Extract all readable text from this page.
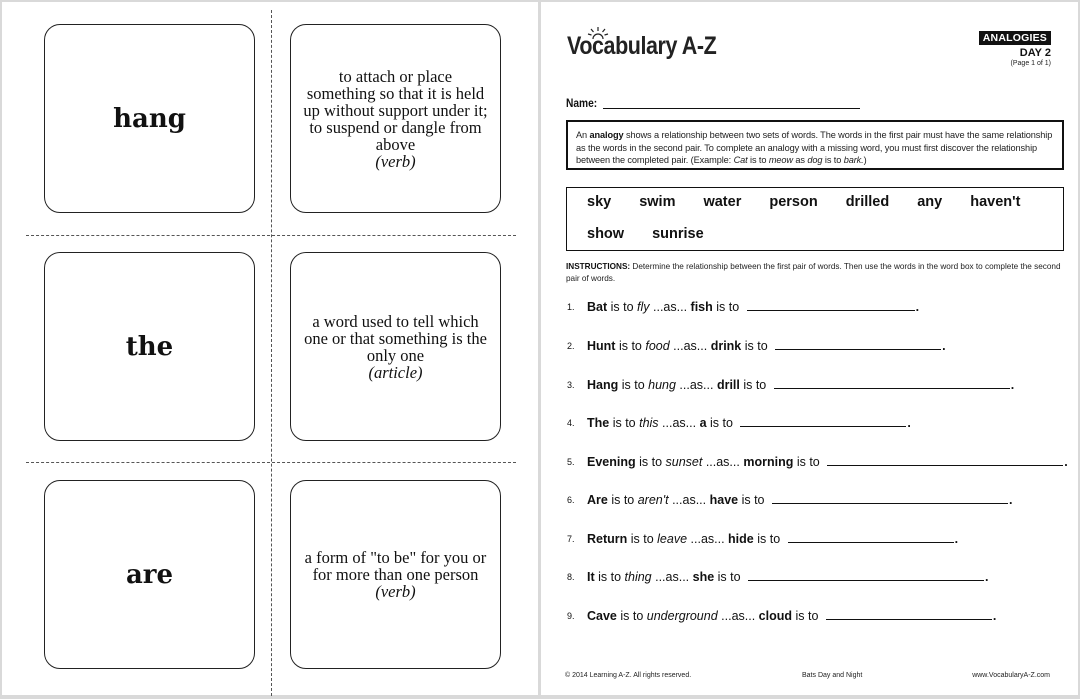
hang
to attach or place something so that it is held up without support under it; to suspend or dangle from above
(verb)
the
a word used to tell which one or that something is the only one
(article)
are
a form of "to be" for you or for more than one person
(verb)
Vocabulary A-Z	ANALOGIES
DAY 2
(Page 1 of 1)
Name:
An analogy shows a relationship between two sets of words. The words in the first pair must have the same relationship as the words in the second pair. To complete an analogy with a missing word, you must first discover the relationship between the completed pair. (Example: Cat is to meow as dog is to bark.)
sky swim water person drilled any haven't
show sunrise
INSTRUCTIONS: Determine the relationship between the first pair of words. Then use the words in the word box to complete the second pair of words.
1. Bat is to fly ...as... fish is to	.
2. Hunt is to food ...as... drink is to	.
3. Hang is to hung ...as... drill is to	.
4. The is to this ...as... a is to	.
5. Evening is to sunset ...as... morning is to	.
6. Are is to aren't ...as... have is to	.
7. Return is to leave ...as... hide is to	.
8. It is to thing ...as... she is to	.
9. Cave is to underground ...as... cloud is to	.
© 2014 Learning A-Z. All rights reserved.	Bats Day and Night	www.VocabularyA-Z.com
